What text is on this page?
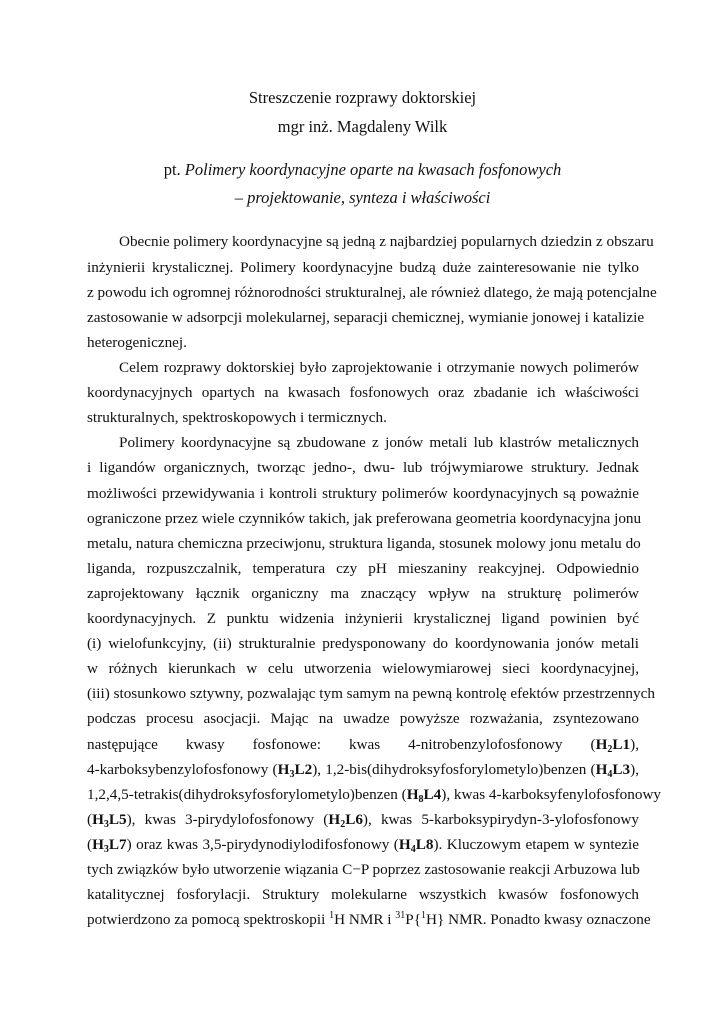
Streszczenie rozprawy doktorskiej
mgr inż. Magdaleny Wilk
pt. Polimery koordynacyjne oparte na kwasach fosfonowych
– projektowanie, synteza i właściwości
Obecnie polimery koordynacyjne są jedną z najbardziej popularnych dziedzin z obszaru
inżynierii krystalicznej. Polimery koordynacyjne budzą duże zainteresowanie nie tylko
z powodu ich ogromnej różnorodności strukturalnej, ale również dlatego, że mają potencjalne
zastosowanie w adsorpcji molekularnej, separacji chemicznej, wymianie jonowej i katalizie
heterogenicznej.
Celem rozprawy doktorskiej było zaprojektowanie i otrzymanie nowych polimerów
koordynacyjnych opartych na kwasach fosfonowych oraz zbadanie ich właściwości
strukturalnych, spektroskopowych i termicznych.
Polimery koordynacyjne są zbudowane z jonów metali lub klastrów metalicznych
i ligandów organicznych, tworząc jedno-, dwu- lub trójwymiarowe struktury. Jednak
możliwości przewidywania i kontroli struktury polimerów koordynacyjnych są poważnie
ograniczone przez wiele czynników takich, jak preferowana geometria koordynacyjna jonu
metalu, natura chemiczna przeciwjonu, struktura liganda, stosunek molowy jonu metalu do
liganda, rozpuszczalnik, temperatura czy pH mieszaniny reakcyjnej. Odpowiednio
zaprojektowany łącznik organiczny ma znaczący wpływ na strukturę polimerów
koordynacyjnych. Z punktu widzenia inżynierii krystalicznej ligand powinien być
(i) wielofunkcyjny, (ii) strukturalnie predysponowany do koordynowania jonów metali
w różnych kierunkach w celu utworzenia wielowymiarowej sieci koordynacyjnej,
(iii) stosunkowo sztywny, pozwalając tym samym na pewną kontrolę efektów przestrzennych
podczas procesu asocjacji. Mając na uwadze powyższe rozważania, zsyntezowano
następujące kwasy fosfonowe: kwas 4-nitrobenzylofosfonowy $(H_2L1)$,
4-karboksybenzylofosfonowy $(H_3L2)$, 1,2-bis(dihydroksyfosforylometylo)benzen $(H_4L3)$,
1,2,4,5-tetrakis(dihydroksyfosforylometylo)benzen $(H_8L4)$, kwas 4-karboksyfenylofosfonowy
$(H_3L5)$, kwas 3-pirydylofosfonowy $(H_2L6)$, kwas 5-karboksypirydyn-3-ylofosfonowy
$(H_3L7)$ oraz kwas 3,5-pirydynodiylodifosfonowy $(H_4L8)$. Kluczowym etapem w syntezie
tych związków było utworzenie wiązania C−P poprzez zastosowanie reakcji Arbuzowa lub
katalitycznej fosforylacji. Struktury molekularne wszystkich kwasów fosfonowych
potwierdzono za pomocą spektroskopii $^1$H NMR i $^{31}$P{$^1$H} NMR. Ponadto kwasy oznaczone
